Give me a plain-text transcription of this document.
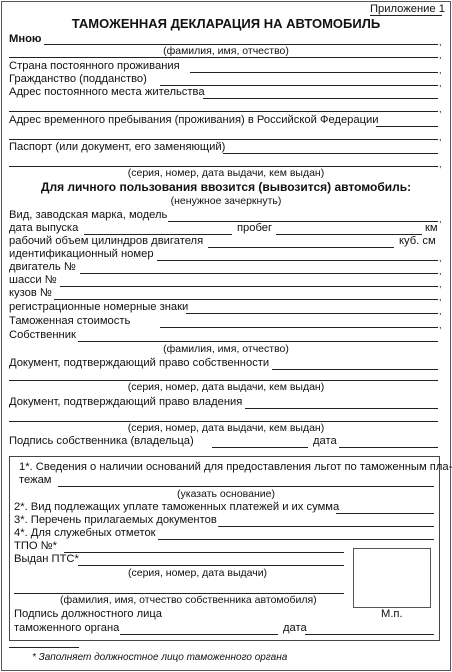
Приложение 1
ТАМОЖЕННАЯ ДЕКЛАРАЦИЯ НА АВТОМОБИЛЬ
Мною	,
(фамилия, имя, отчество)	,
Страна постоянного проживания	,
Гражданство (подданство)	,
Адрес постоянного места жительства
,
Адрес временного пребывания (проживания) в Российской Федерации
,
Паспорт (или документ, его заменяющий)
,
(серия, номер, дата выдачи, кем выдан)
Для личного пользования ввозится (вывозится) автомобиль:
(ненужное зачеркнуть)
Вид, заводская марка, модель	,
дата выпуска	пробег	км
рабочий объем цилиндров двигателя	куб. см
идентификационный номер	,
двигатель №	,
шасси №	,
кузов №	,
регистрационные номерные знаки	,
Таможенная стоимость	,
Собственник
(фамилия, имя, отчество)
Документ, подтверждающий право собственности
(серия, номер, дата выдачи, кем выдан)
Документ, подтверждающий право владения
(серия, номер, дата выдачи, кем выдан)
Подпись собственника (владельца)	дата
1*. Сведения о наличии оснований для предоставления льгот по таможенным пла-
тежам
(указать основание)
2*. Вид подлежащих уплате таможенных платежей и их сумма
3*. Перечень прилагаемых документов
4*. Для служебных отметок
ТПО №*
Выдан ПТС*
(серия, номер, дата выдачи)
(фамилия, имя, отчество собственника автомобиля)
Подпись должностного лица	М.п.
таможенного органа	дата
* Заполняет должностное лицо таможенного органа
